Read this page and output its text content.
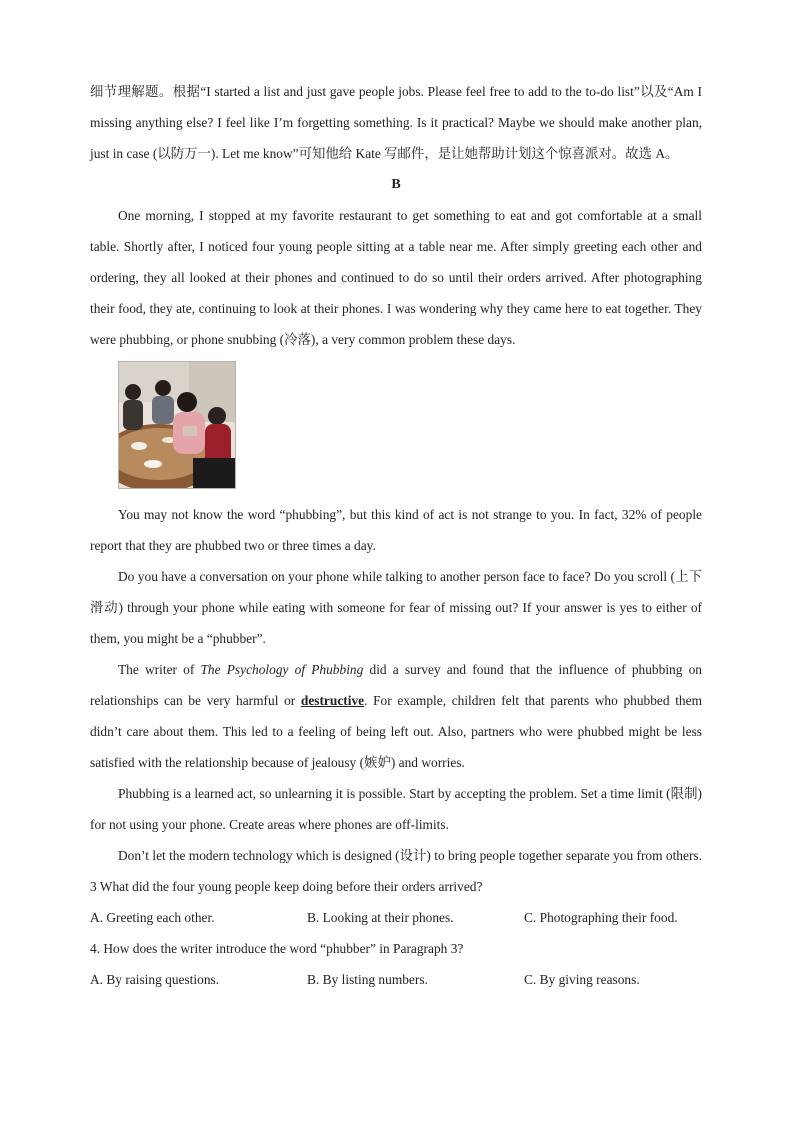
细节理解题。根据“I started a list and just gave people jobs. Please feel free to add to the to-do list”以及“Am I missing anything else? I feel like I’m forgetting something. Is it practical? Maybe we should make another plan, just in case (以防万一). Let me know”可知他给 Kate 写邮件，是让她帮助计划这个惊喜派对。故选 A。

B

One morning, I stopped at my favorite restaurant to get something to eat and got comfortable at a small table. Shortly after, I noticed four young people sitting at a table near me. After simply greeting each other and ordering, they all looked at their phones and continued to do so until their orders arrived. After photographing their food, they ate, continuing to look at their phones. I was wondering why they came here to eat together. They were phubbing, or phone snubbing (冷落), a very common problem these days.

You may not know the word “phubbing”, but this kind of act is not strange to you. In fact, 32% of people report that they are phubbed two or three times a day.

Do you have a conversation on your phone while talking to another person face to face? Do you scroll (上下滑动) through your phone while eating with someone for fear of missing out? If your answer is yes to either of them, you might be a “phubber”.

The writer of The Psychology of Phubbing did a survey and found that the influence of phubbing on relationships can be very harmful or destructive. For example, children felt that parents who phubbed them didn’t care about them. This led to a feeling of being left out. Also, partners who were phubbed might be less satisfied with the relationship because of jealousy (嫉妒) and worries.

Phubbing is a learned act, so unlearning it is possible. Start by accepting the problem. Set a time limit (限制) for not using your phone. Create areas where phones are off-limits.

Don’t let the modern technology which is designed (设计) to bring people together separate you from others.

3 What did the four young people keep doing before their orders arrived?

A. Greeting each other.	B. Looking at their phones.	C. Photographing their food.

4. How does the writer introduce the word “phubber” in Paragraph 3?

A. By raising questions.	B. By listing numbers.	C. By giving reasons.
